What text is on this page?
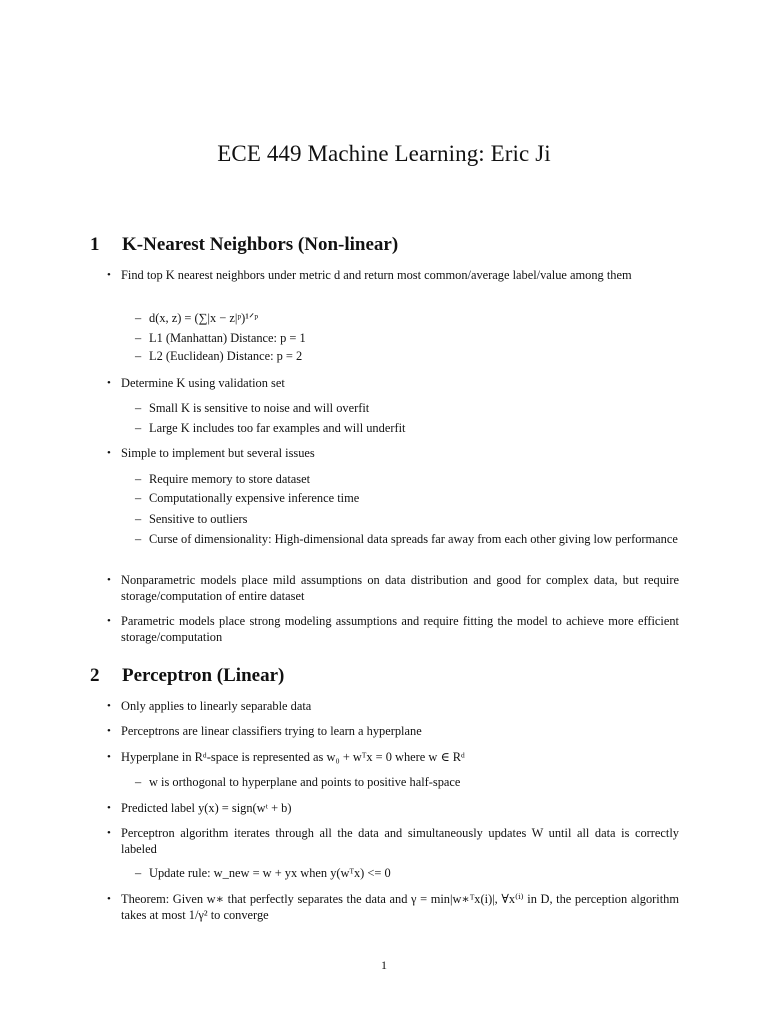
ECE 449 Machine Learning: Eric Ji
1 K-Nearest Neighbors (Non-linear)
• Find top K nearest neighbors under metric d and return most common/average label/value among them
– d(x, z) = (∑|x − z|ᵖ)¹ᐟᵖ
– L1 (Manhattan) Distance: p = 1
– L2 (Euclidean) Distance: p = 2
• Determine K using validation set
– Small K is sensitive to noise and will overfit
– Large K includes too far examples and will underfit
• Simple to implement but several issues
– Require memory to store dataset
– Computationally expensive inference time
– Sensitive to outliers
– Curse of dimensionality: High-dimensional data spreads far away from each other giving low performance
• Nonparametric models place mild assumptions on data distribution and good for complex data, but require storage/computation of entire dataset
• Parametric models place strong modeling assumptions and require fitting the model to achieve more efficient storage/computation
2 Perceptron (Linear)
• Only applies to linearly separable data
• Perceptrons are linear classifiers trying to learn a hyperplane
• Hyperplane in Rᵈ-space is represented as w₀ + wᵀx = 0 where w ∈ Rᵈ
– w is orthogonal to hyperplane and points to positive half-space
• Predicted label y(x) = sign(wᵗ + b)
• Perceptron algorithm iterates through all the data and simultaneously updates W until all data is correctly labeled
– Update rule: w_new = w + yx when y(wᵀx) <= 0
• Theorem: Given w∗ that perfectly separates the data and γ = min|w∗ᵀx(i)|, ∀x⁽ⁱ⁾ in D, the perception algorithm takes at most 1/γ² to converge
1
